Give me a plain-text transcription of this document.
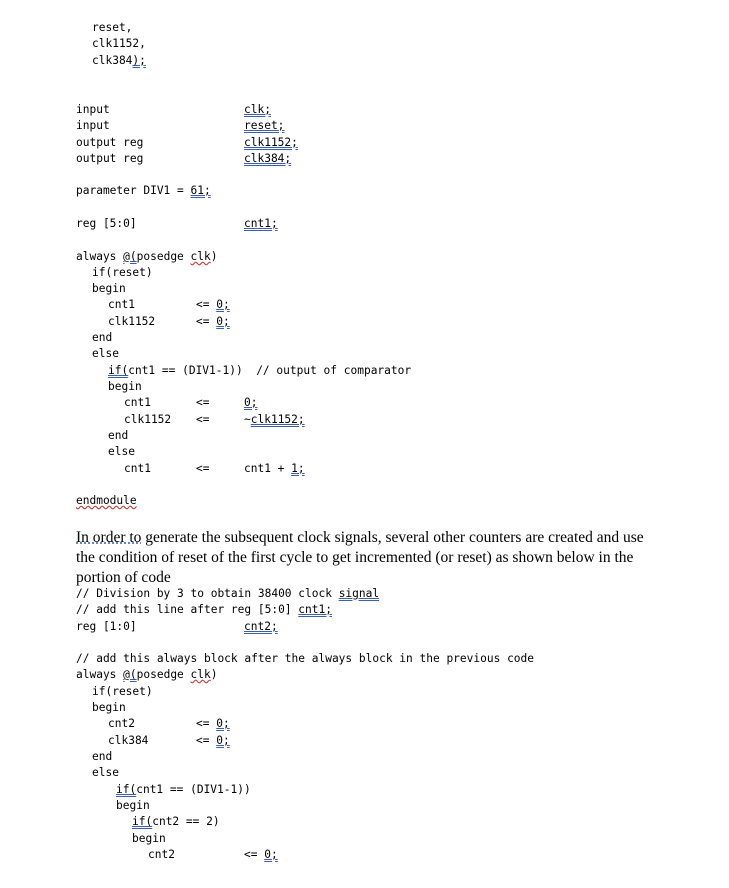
reset,
clk1152,
clk384);
input	clk;
input	reset;
output reg	clk1152;
output reg	clk384;
parameter DIV1 = 61;
reg [5:0]	cnt1;
always @(posedge clk)
if(reset)
begin
cnt1	<= 0;
clk1152	<= 0;
end
else
if(cnt1 == (DIV1-1))  // output of comparator
begin
cnt1	<=	0;
clk1152 <=	~clk1152;
end
else
cnt1	<=	cnt1 + 1;
endmodule
In order to generate the subsequent clock signals, several other counters are created and use
the condition of reset of the first cycle to get incremented (or reset) as shown below in the
portion of code
// Division by 3 to obtain 38400 clock signal
// add this line after reg [5:0] cnt1;
reg [1:0]	cnt2;
// add this always block after the always block in the previous code
always @(posedge clk)
if(reset)
begin
cnt2	<= 0;
clk384	<= 0;
end
else
if(cnt1 == (DIV1-1))
begin
if(cnt2 == 2)
begin
cnt2	<= 0;
